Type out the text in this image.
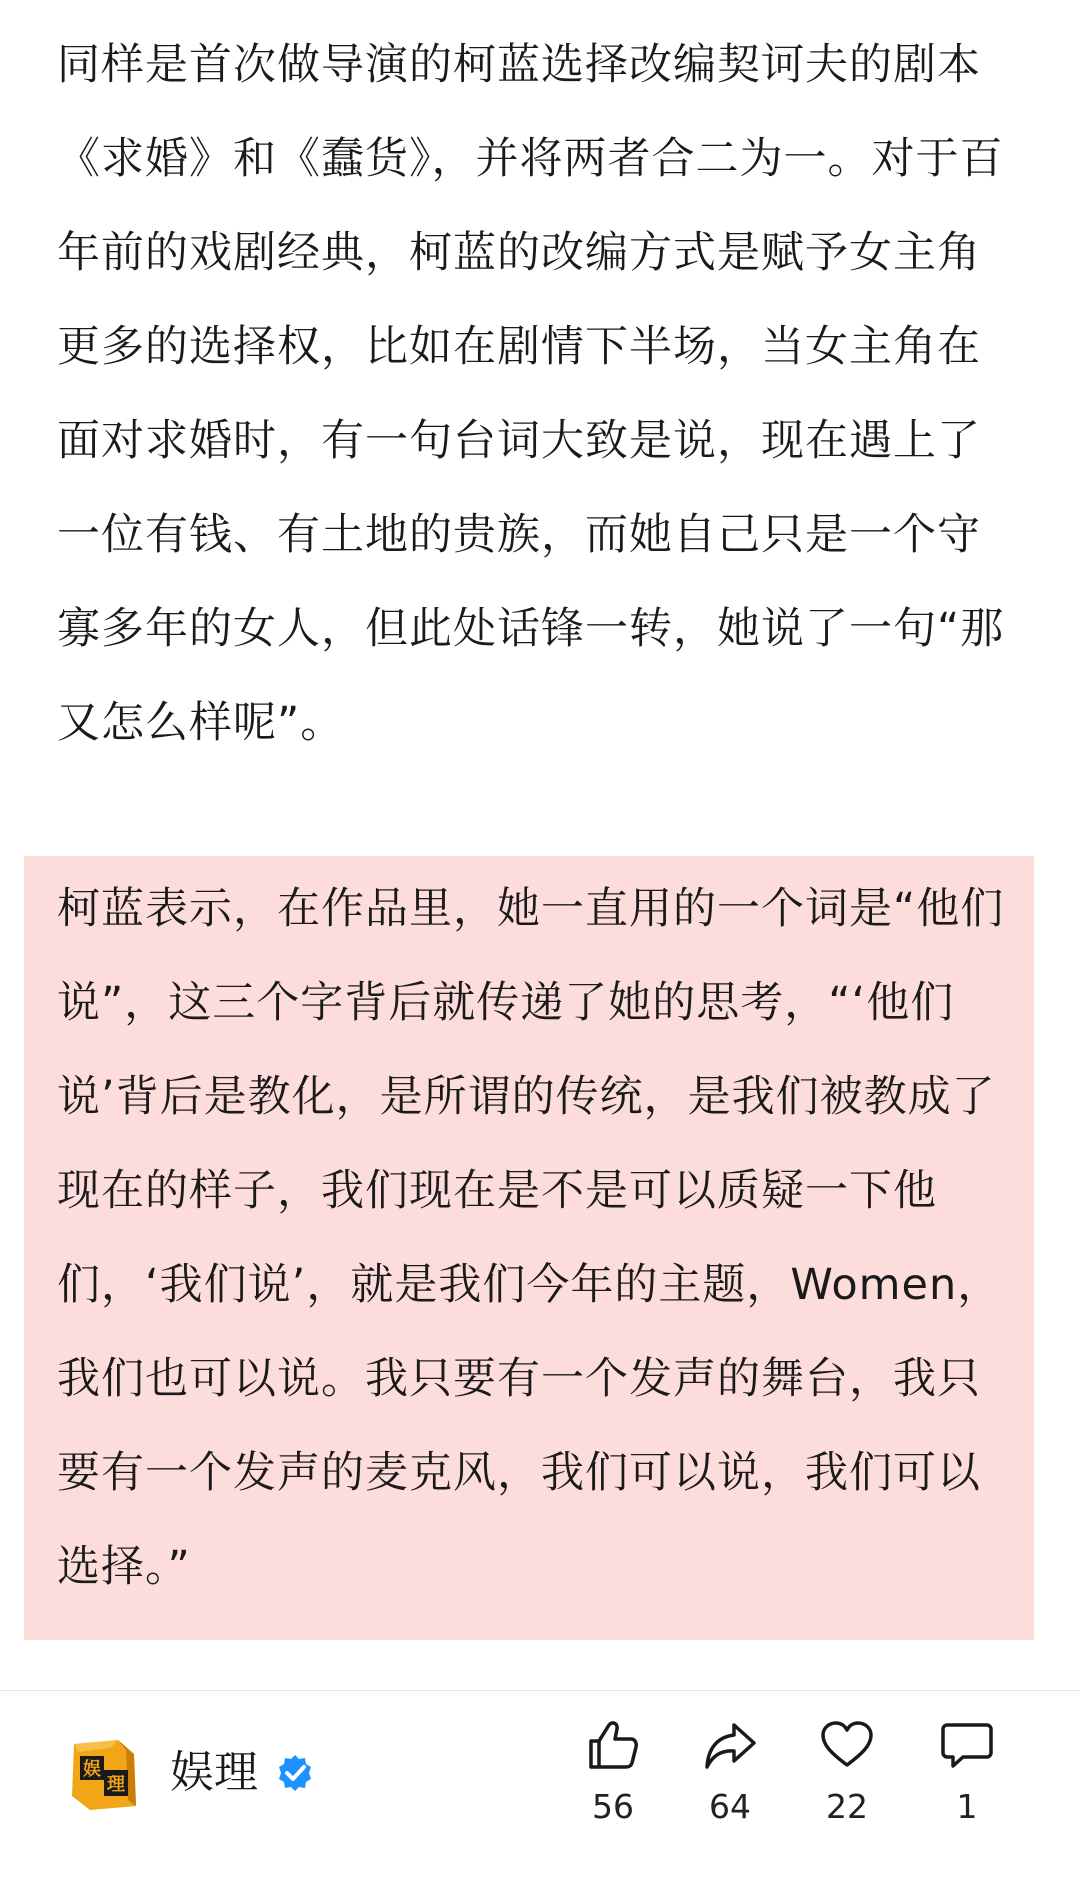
同样是首次做导演的柯蓝选择改编契诃夫的剧本《求婚》和《蠢货》，并将两者合二为一。对于百年前的戏剧经典，柯蓝的改编方式是赋予女主角更多的选择权，比如在剧情下半场，当女主角在面对求婚时，有一句台词大致是说，现在遇上了一位有钱、有土地的贵族，而她自己只是一个守寡多年的女人，但此处话锋一转，她说了一句“那又怎么样呢”。

柯蓝表示，在作品里，她一直用的一个词是“他们说”，这三个字背后就传递了她的思考，“‘他们说’背后是教化，是所谓的传统，是我们被教成了现在的样子，我们现在是不是可以质疑一下他们，‘我们说’，就是我们今年的主题，Women，我们也可以说。我只要有一个发声的舞台，我只要有一个发声的麦克风，我们可以说，我们可以选择。”

娱
理 娱理
56	64	22	1
